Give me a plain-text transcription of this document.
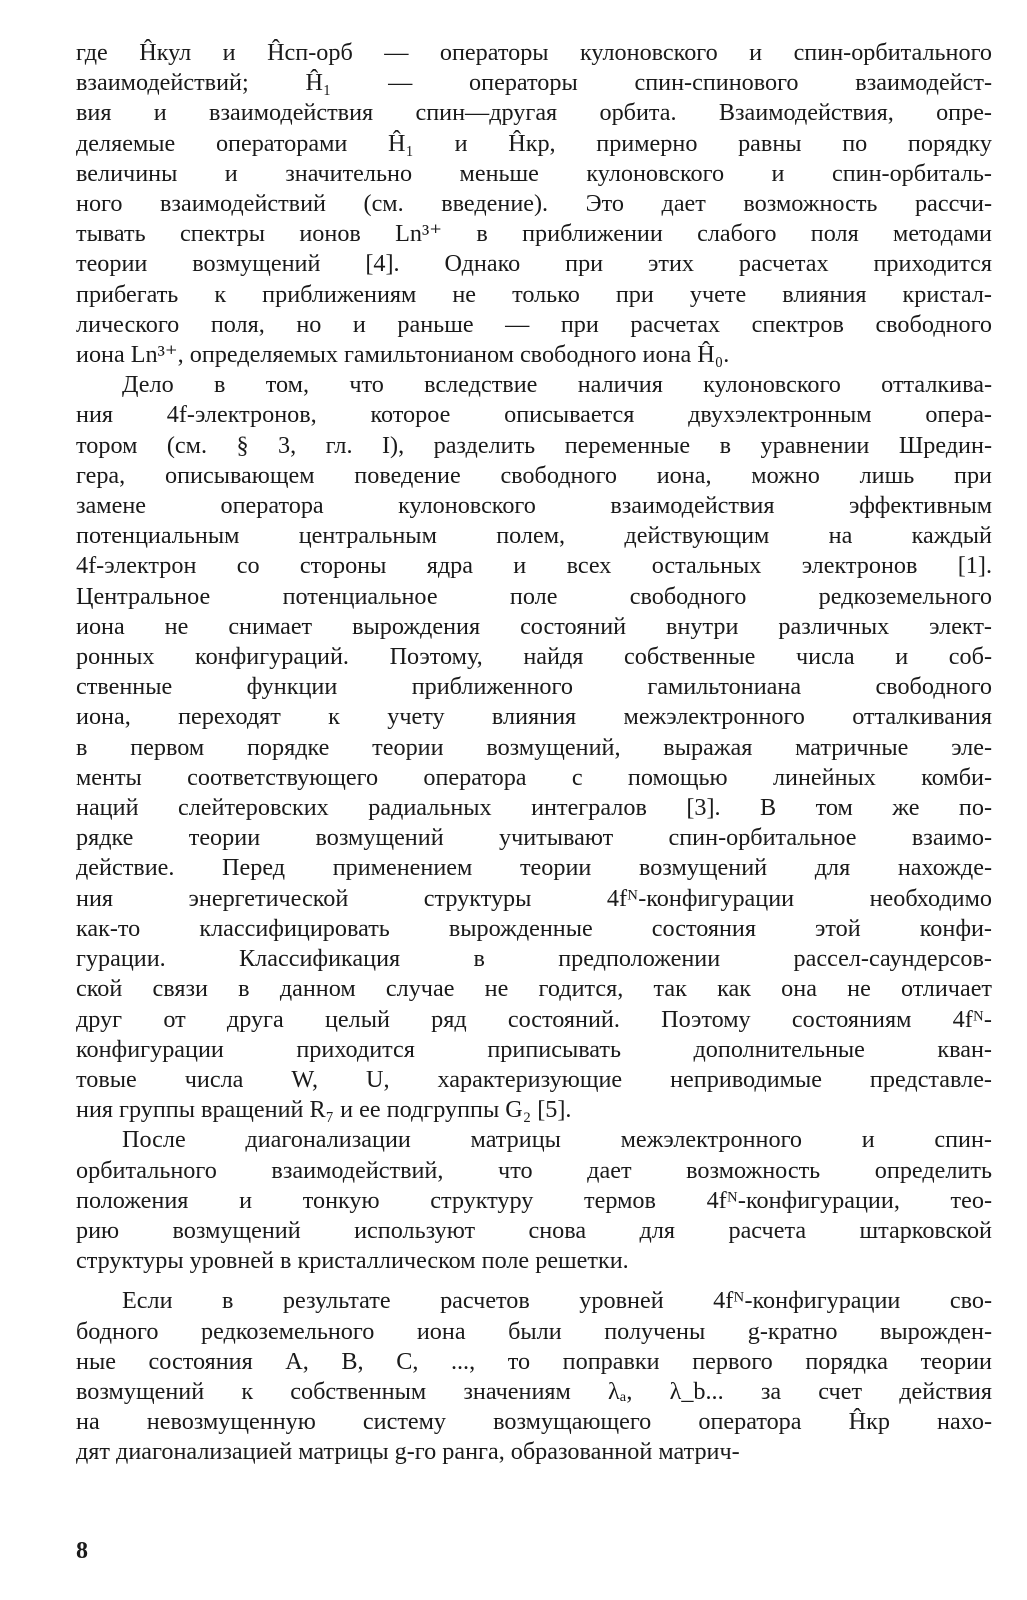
где Ĥкул и Ĥсп-орб — операторы кулоновского и спин-орбитального
взаимодействий; Ĥ₁ — операторы спин-спинового взаимодейст-
вия и взаимодействия спин—другая орбита. Взаимодействия, опре-
деляемые операторами Ĥ₁ и Ĥкр, примерно равны по порядку
величины и значительно меньше кулоновского и спин-орбиталь-
ного взаимодействий (см. введение). Это дает возможность рассчи-
тывать спектры ионов Ln³⁺ в приближении слабого поля методами
теории возмущений [4]. Однако при этих расчетах приходится
прибегать к приближениям не только при учете влияния кристал-
лического поля, но и раньше — при расчетах спектров свободного
иона Ln³⁺, определяемых гамильтонианом свободного иона Ĥ₀.
Дело в том, что вследствие наличия кулоновского отталкива-
ния 4f-электронов, которое описывается двухэлектронным опера-
тором (см. § 3, гл. I), разделить переменные в уравнении Шредин-
гера, описывающем поведение свободного иона, можно лишь при
замене оператора кулоновского взаимодействия эффективным
потенциальным центральным полем, действующим на каждый
4f-электрон со стороны ядра и всех остальных электронов [1].
Центральное потенциальное поле свободного редкоземельного
иона не снимает вырождения состояний внутри различных элект-
ронных конфигураций. Поэтому, найдя собственные числа и соб-
ственные функции приближенного гамильтониана свободного
иона, переходят к учету влияния межэлектронного отталкивания
в первом порядке теории возмущений, выражая матричные эле-
менты соответствующего оператора с помощью линейных комби-
наций слейтеровских радиальных интегралов [3]. В том же по-
рядке теории возмущений учитывают спин-орбитальное взаимо-
действие. Перед применением теории возмущений для нахожде-
ния энергетической структуры 4fᴺ-конфигурации необходимо
как-то классифицировать вырожденные состояния этой конфи-
гурации. Классификация в предположении рассел-саундерсов-
ской связи в данном случае не годится, так как она не отличает
друг от друга целый ряд состояний. Поэтому состояниям 4fᴺ-
конфигурации приходится приписывать дополнительные кван-
товые числа W, U, характеризующие неприводимые представле-
ния группы вращений R₇ и ее подгруппы G₂ [5].
После диагонализации матрицы межэлектронного и спин-
орбитального взаимодействий, что дает возможность определить
положения и тонкую структуру термов 4fᴺ-конфигурации, тео-
рию возмущений используют снова для расчета штарковской
структуры уровней в кристаллическом поле решетки.
Если в результате расчетов уровней 4fᴺ-конфигурации сво-
бодного редкоземельного иона были получены g-кратно вырожден-
ные состояния A, B, C, ..., то поправки первого порядка теории
возмущений к собственным значениям λₐ, λ_b... за счет действия
на невозмущенную систему возмущающего оператора Ĥкр нахо-
дят диагонализацией матрицы g-го ранга, образованной матрич-
8
